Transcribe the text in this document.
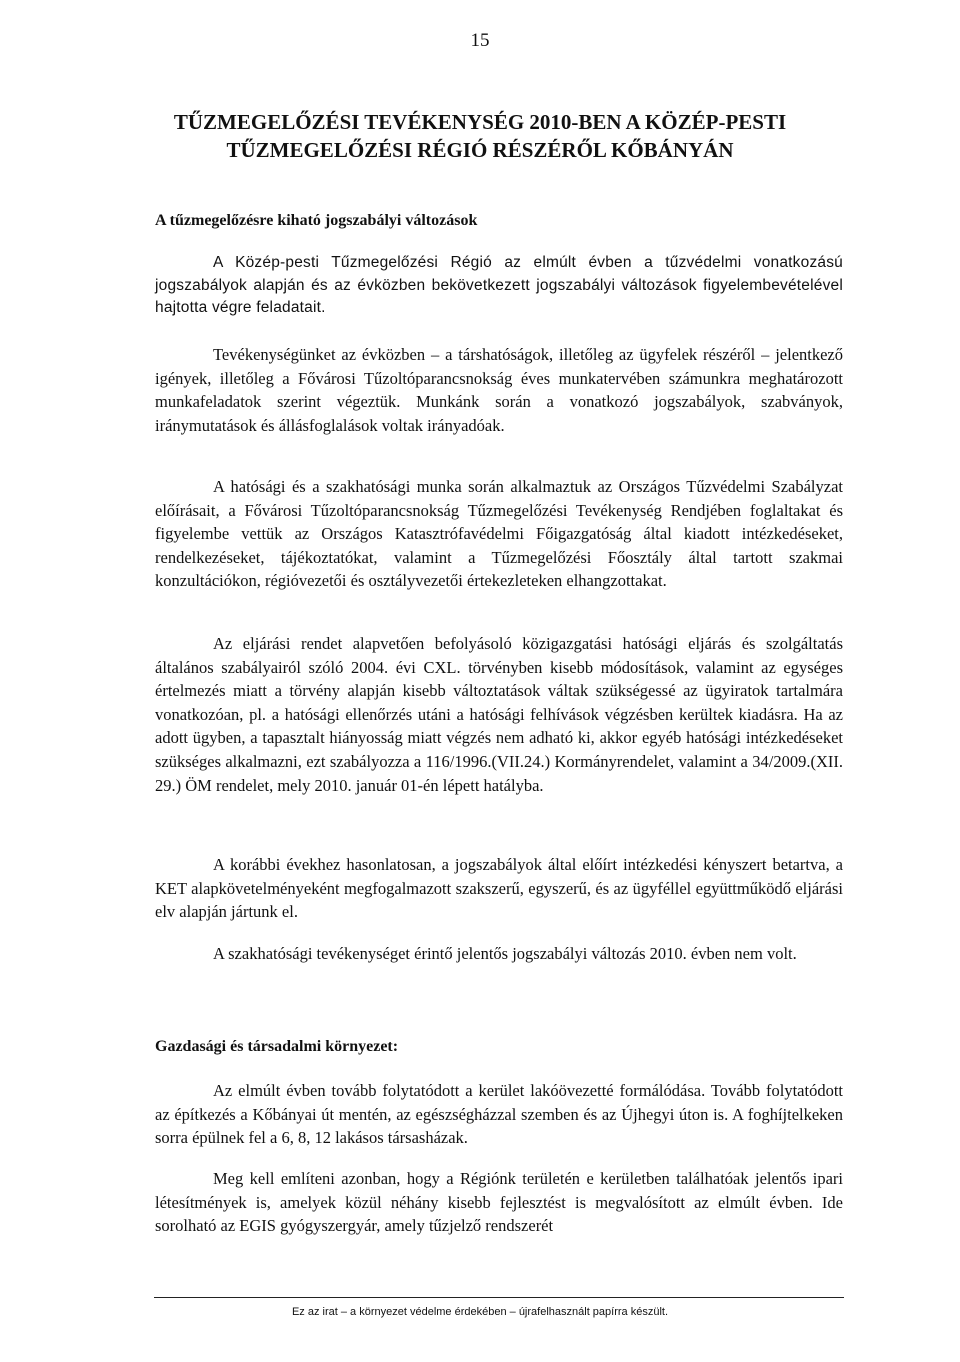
15
TŰZMEGELŐZÉSI TEVÉKENYSÉG 2010-BEN A KÖZÉP-PESTI
TŰZMEGELŐZÉSI RÉGIÓ RÉSZÉRŐL KŐBÁNYÁN
A tűzmegelőzésre kiható jogszabályi változások
A Közép-pesti Tűzmegelőzési Régió az elmúlt évben a tűzvédelmi vonatkozású jogszabályok alapján és az évközben bekövetkezett jogszabályi változások figyelembevételével hajtotta végre feladatait.
Tevékenységünket az évközben – a társhatóságok, illetőleg az ügyfelek részéről – jelentkező igények, illetőleg a Fővárosi Tűzoltóparancsnokság éves munkatervében számunkra meghatározott munkafeladatok szerint végeztük. Munkánk során a vonatkozó jogszabályok, szabványok, iránymutatások és állásfoglalások voltak irányadóak.
A hatósági és a szakhatósági munka során alkalmaztuk az Országos Tűzvédelmi Szabályzat előírásait, a Fővárosi Tűzoltóparancsnokság Tűzmegelőzési Tevékenység Rendjében foglaltakat és figyelembe vettük az Országos Katasztrófavédelmi Főigazgatóság által kiadott intézkedéseket, rendelkezéseket, tájékoztatókat, valamint a Tűzmegelőzési Főosztály által tartott szakmai konzultációkon, régióvezetői és osztályvezetői értekezleteken elhangzottakat.
Az eljárási rendet alapvetően befolyásoló közigazgatási hatósági eljárás és szolgáltatás általános szabályairól szóló 2004. évi CXL. törvényben kisebb módosítások, valamint az egységes értelmezés miatt a törvény alapján kisebb változtatások váltak szükségessé az ügyiratok tartalmára vonatkozóan, pl. a hatósági ellenőrzés utáni a hatósági felhívások végzésben kerültek kiadásra. Ha az adott ügyben, a tapasztalt hiányosság miatt végzés nem adható ki, akkor egyéb hatósági intézkedéseket szükséges alkalmazni, ezt szabályozza a 116/1996.(VII.24.) Kormányrendelet, valamint a 34/2009.(XII. 29.) ÖM rendelet, mely 2010. január 01-én lépett hatályba.
A korábbi évekhez hasonlatosan, a jogszabályok által előírt intézkedési kényszert betartva, a KET alapkövetelményeként megfogalmazott szakszerű, egyszerű, és az ügyféllel együttműködő eljárási elv alapján jártunk el.
A szakhatósági tevékenységet érintő jelentős jogszabályi változás 2010. évben nem volt.
Gazdasági és társadalmi környezet:
Az elmúlt évben tovább folytatódott a kerület lakóövezetté formálódása. Tovább folytatódott az építkezés a Kőbányai út mentén, az egészségházzal szemben és az Újhegyi úton is. A foghíjtelkeken sorra épülnek fel a 6, 8, 12 lakásos társasházak.
Meg kell említeni azonban, hogy a Régiónk területén e kerületben találhatóak jelentős ipari létesítmények is, amelyek közül néhány kisebb fejlesztést is megvalósított az elmúlt évben. Ide sorolható az EGIS gyógyszergyár, amely tűzjelző rendszerét
Ez az irat – a környezet védelme érdekében – újrafelhasznált papírra készült.
